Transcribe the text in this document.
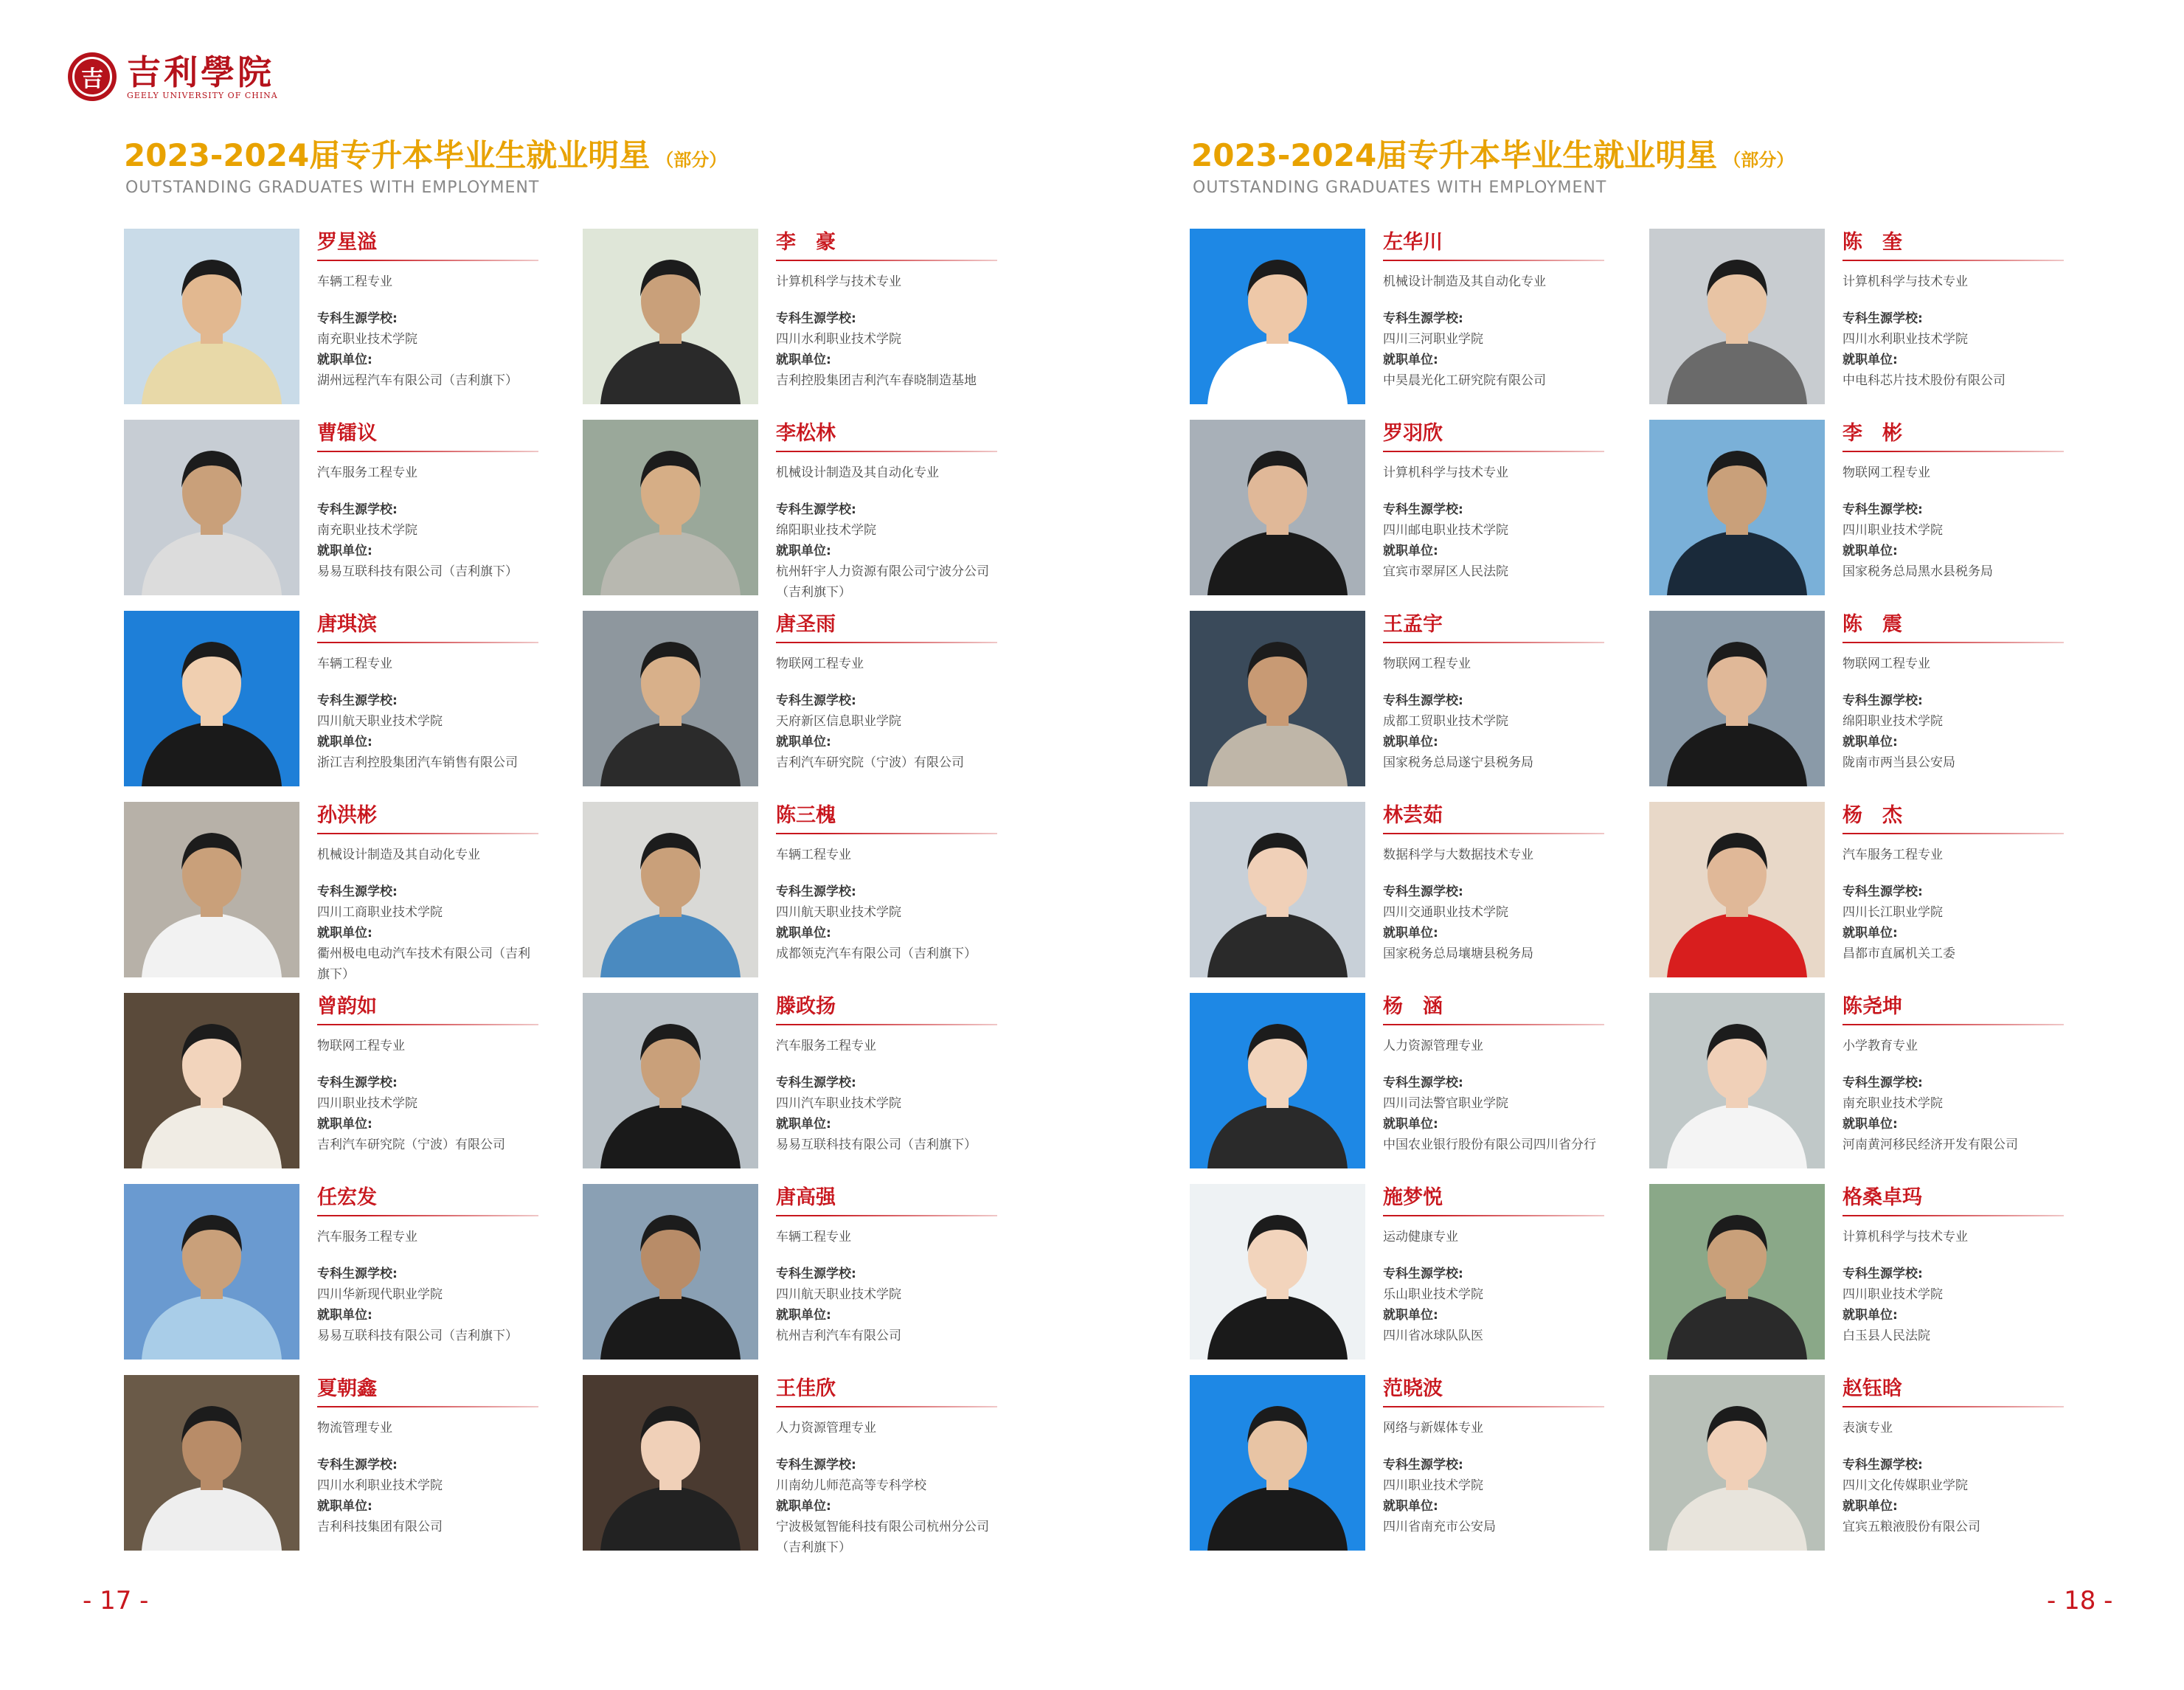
吉 吉利學院
GEELY UNIVERSITY OF CHINA
2023-2024届专升本毕业生就业明星 （部分）
OUTSTANDING GRADUATES WITH EMPLOYMENT
2023-2024届专升本毕业生就业明星 （部分）
OUTSTANDING GRADUATES WITH EMPLOYMENT
罗星溢
车辆工程专业
专科生源学校:
南充职业技术学院
就职单位:
湖州远程汽车有限公司（吉利旗下）
李　豪
计算机科学与技术专业
专科生源学校:
四川水利职业技术学院
就职单位:
吉利控股集团吉利汽车春晓制造基地
曹镭议
汽车服务工程专业
专科生源学校:
南充职业技术学院
就职单位:
易易互联科技有限公司（吉利旗下）
李松林
机械设计制造及其自动化专业
专科生源学校:
绵阳职业技术学院
就职单位:
杭州轩宇人力资源有限公司宁波分公司（吉利旗下）
唐琪滨
车辆工程专业
专科生源学校:
四川航天职业技术学院
就职单位:
浙江吉利控股集团汽车销售有限公司
唐圣雨
物联网工程专业
专科生源学校:
天府新区信息职业学院
就职单位:
吉利汽车研究院（宁波）有限公司
孙洪彬
机械设计制造及其自动化专业
专科生源学校:
四川工商职业技术学院
就职单位:
衢州极电电动汽车技术有限公司（吉利旗下）
陈三槐
车辆工程专业
专科生源学校:
四川航天职业技术学院
就职单位:
成都领克汽车有限公司（吉利旗下）
曾韵如
物联网工程专业
专科生源学校:
四川职业技术学院
就职单位:
吉利汽车研究院（宁波）有限公司
滕政扬
汽车服务工程专业
专科生源学校:
四川汽车职业技术学院
就职单位:
易易互联科技有限公司（吉利旗下）
任宏发
汽车服务工程专业
专科生源学校:
四川华新现代职业学院
就职单位:
易易互联科技有限公司（吉利旗下）
唐高强
车辆工程专业
专科生源学校:
四川航天职业技术学院
就职单位:
杭州吉利汽车有限公司
夏朝鑫
物流管理专业
专科生源学校:
四川水利职业技术学院
就职单位:
吉利科技集团有限公司
王佳欣
人力资源管理专业
专科生源学校:
川南幼儿师范高等专科学校
就职单位:
宁波极氪智能科技有限公司杭州分公司（吉利旗下）
左华川
机械设计制造及其自动化专业
专科生源学校:
四川三河职业学院
就职单位:
中昊晨光化工研究院有限公司
陈　奎
计算机科学与技术专业
专科生源学校:
四川水利职业技术学院
就职单位:
中电科芯片技术股份有限公司
罗羽欣
计算机科学与技术专业
专科生源学校:
四川邮电职业技术学院
就职单位:
宜宾市翠屏区人民法院
李　彬
物联网工程专业
专科生源学校:
四川职业技术学院
就职单位:
国家税务总局黑水县税务局
王孟宇
物联网工程专业
专科生源学校:
成都工贸职业技术学院
就职单位:
国家税务总局遂宁县税务局
陈　震
物联网工程专业
专科生源学校:
绵阳职业技术学院
就职单位:
陇南市两当县公安局
林芸茹
数据科学与大数据技术专业
专科生源学校:
四川交通职业技术学院
就职单位:
国家税务总局壤塘县税务局
杨　杰
汽车服务工程专业
专科生源学校:
四川长江职业学院
就职单位:
昌都市直属机关工委
杨　涵
人力资源管理专业
专科生源学校:
四川司法警官职业学院
就职单位:
中国农业银行股份有限公司四川省分行
陈尧坤
小学教育专业
专科生源学校:
南充职业技术学院
就职单位:
河南黄河移民经济开发有限公司
施梦悦
运动健康专业
专科生源学校:
乐山职业技术学院
就职单位:
四川省冰球队队医
格桑卓玛
计算机科学与技术专业
专科生源学校:
四川职业技术学院
就职单位:
白玉县人民法院
范晓波
网络与新媒体专业
专科生源学校:
四川职业技术学院
就职单位:
四川省南充市公安局
赵钰晗
表演专业
专科生源学校:
四川文化传媒职业学院
就职单位:
宜宾五粮液股份有限公司
- 17 -	- 18 -
